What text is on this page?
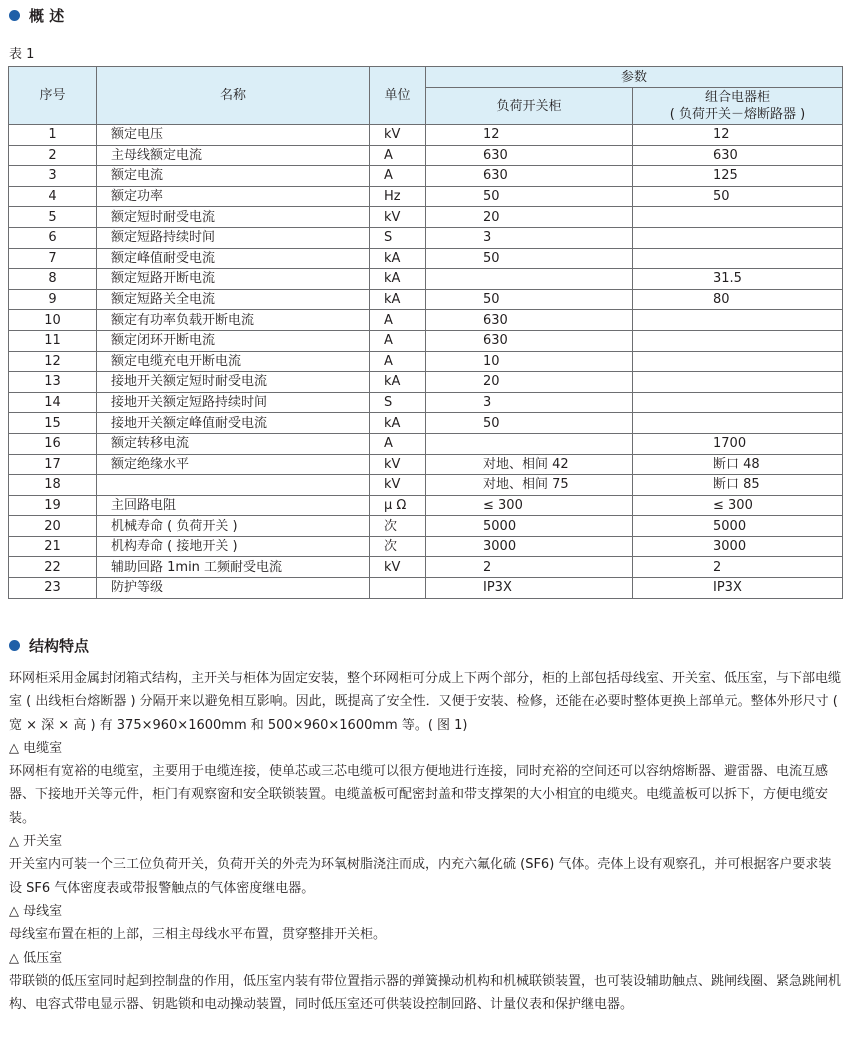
概 述
表 1
序号	名称	单位	参数	
			负荷开关柜	组合电器柜
( 负荷开关－熔断路器 )

1	额定电压	kV	12	12
2	主母线额定电流	A	630	630
3	额定电流	A	630	125
4	额定功率	Hz	50	50
5	额定短时耐受电流	kV	20	
6	额定短路持续时间	S	3	
7	额定峰值耐受电流	kA	50	
8	额定短路开断电流	kA		31.5
9	额定短路关全电流	kA	50	80
10	额定有功率负载开断电流	A	630	
11	额定闭环开断电流	A	630	
12	额定电缆充电开断电流	A	10	
13	接地开关额定短时耐受电流	kA	20	
14	接地开关额定短路持续时间	S	3	
15	接地开关额定峰值耐受电流	kA	50	
16	额定转移电流	A		1700
17	额定绝缘水平	kV	对地、相间 42	断口 48
18		kV	对地、相间 75	断口 85
19	主回路电阻	μ Ω	≤ 300	≤ 300
20	机械寿命 ( 负荷开关 )	次	5000	5000
21	机构寿命 ( 接地开关 )	次	3000	3000
22	辅助回路 1min 工频耐受电流	kV	2	2
23	防护等级		IP3X	IP3X
结构特点

环网柜采用金属封闭箱式结构，主开关与柜体为固定安装，整个环网柜可分成上下两个部分，柜的上部包括母线室、开关室、低压室，与下部电缆室 ( 出线柜台熔断器 ) 分隔开来以避免相互影响。因此，既提高了安全性．又便于安装、检修，还能在必要时整体更换上部单元。整体外形尺寸 ( 宽 × 深 × 高 ) 有 375×960×1600mm 和 500×960×1600mm 等。( 图 1)

△ 电缆室

环网柜有宽裕的电缆室，主要用于电缆连接，使单芯或三芯电缆可以很方便地进行连接，同时充裕的空间还可以容纳熔断器、避雷器、电流互感器、下接地开关等元件，柜门有观察窗和安全联锁装置。电缆盖板可配密封盖和带支撑架的大小相宜的电缆夹。电缆盖板可以拆下，方便电缆安装。

△ 开关室

开关室内可装一个三工位负荷开关，负荷开关的外壳为环氧树脂浇注而成，内充六氟化硫 (SF6) 气体。壳体上设有观察孔，并可根据客户要求装设 SF6 气体密度表或带报警触点的气体密度继电器。

△ 母线室

母线室布置在柜的上部，三相主母线水平布置，贯穿整排开关柜。

△ 低压室

带联锁的低压室同时起到控制盘的作用，低压室内装有带位置指示器的弹簧操动机构和机械联锁装置，也可装设辅助触点、跳闸线圈、紧急跳闸机构、电容式带电显示器、钥匙锁和电动操动装置，同时低压室还可供装设控制回路、计量仪表和保护继电器。
